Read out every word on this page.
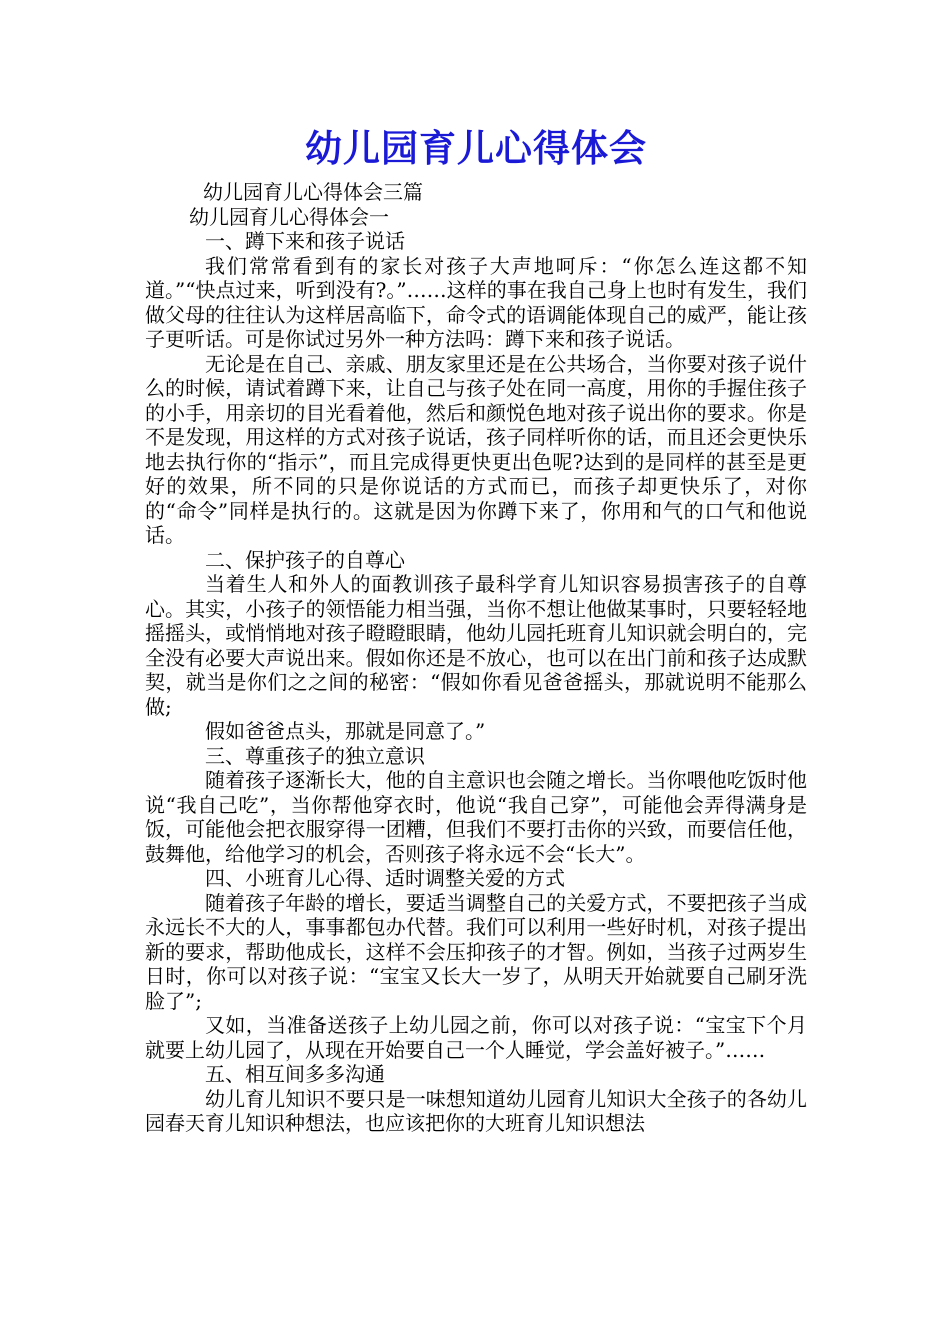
幼儿园育儿心得体会

幼儿园育儿心得体会三篇

幼儿园育儿心得体会一

一、蹲下来和孩子说话

我们常常看到有的家长对孩子大声地呵斥：“你怎么连这都不知道。”“快点过来，听到没有?。”……这样的事在我自己身上也时有发生，我们做父母的往往认为这样居高临下，命令式的语调能体现自己的威严，能让孩子更听话。可是你试过另外一种方法吗：蹲下来和孩子说话。

无论是在自己、亲戚、朋友家里还是在公共场合，当你要对孩子说什么的时候，请试着蹲下来，让自己与孩子处在同一高度，用你的手握住孩子的小手，用亲切的目光看着他，然后和颜悦色地对孩子说出你的要求。你是不是发现，用这样的方式对孩子说话，孩子同样听你的话，而且还会更快乐地去执行你的“指示”，而且完成得更快更出色呢?达到的是同样的甚至是更好的效果，所不同的只是你说话的方式而已，而孩子却更快乐了，对你的“命令”同样是执行的。这就是因为你蹲下来了，你用和气的口气和他说话。

二、保护孩子的自尊心

当着生人和外人的面教训孩子最科学育儿知识容易损害孩子的自尊心。其实，小孩子的领悟能力相当强，当你不想让他做某事时，只要轻轻地摇摇头，或悄悄地对孩子瞪瞪眼睛，他幼儿园托班育儿知识就会明白的，完全没有必要大声说出来。假如你还是不放心，也可以在出门前和孩子达成默契，就当是你们之之间的秘密：“假如你看见爸爸摇头，那就说明不能那么做;

假如爸爸点头，那就是同意了。”

三、尊重孩子的独立意识

随着孩子逐渐长大，他的自主意识也会随之增长。当你喂他吃饭时他说“我自己吃”，当你帮他穿衣时，他说“我自己穿”，可能他会弄得满身是饭，可能他会把衣服穿得一团糟，但我们不要打击你的兴致，而要信任他，鼓舞他，给他学习的机会，否则孩子将永远不会“长大”。

四、小班育儿心得、适时调整关爱的方式

随着孩子年龄的增长，要适当调整自己的关爱方式，不要把孩子当成永远长不大的人，事事都包办代替。我们可以利用一些好时机，对孩子提出新的要求，帮助他成长，这样不会压抑孩子的才智。例如，当孩子过两岁生日时，你可以对孩子说：“宝宝又长大一岁了，从明天开始就要自己刷牙洗脸了”;

又如，当准备送孩子上幼儿园之前，你可以对孩子说：“宝宝下个月就要上幼儿园了，从现在开始要自己一个人睡觉，学会盖好被子。”……

五、相互间多多沟通

幼儿育儿知识不要只是一味想知道幼儿园育儿知识大全孩子的各幼儿园春天育儿知识种想法，也应该把你的大班育儿知识想法
